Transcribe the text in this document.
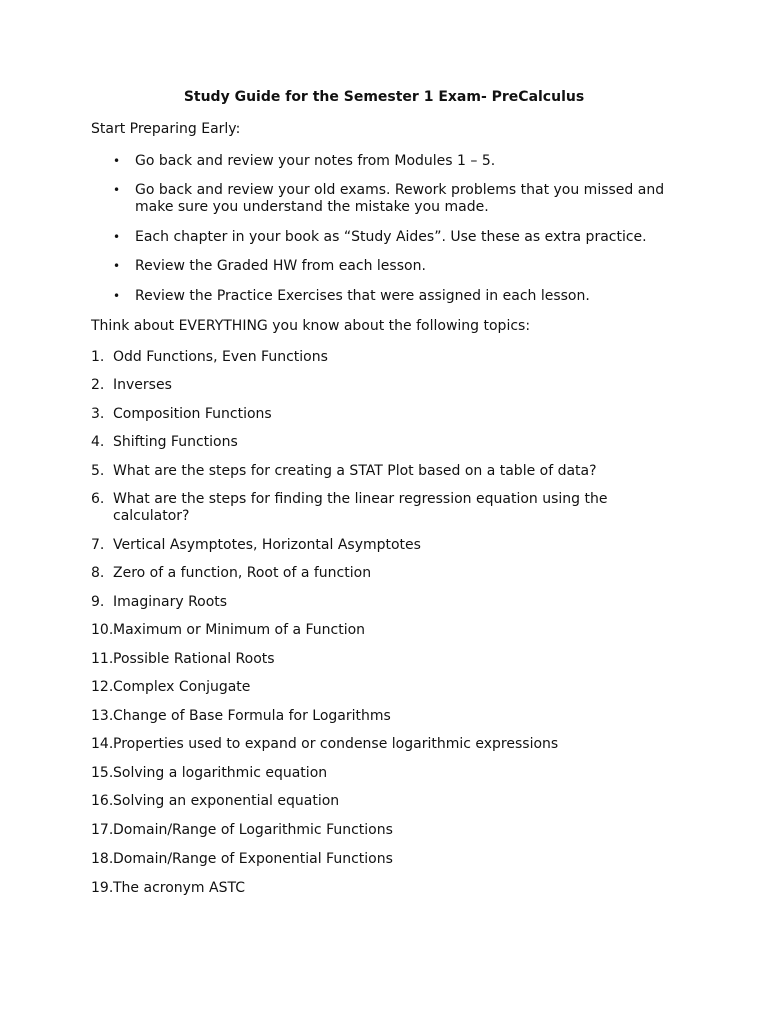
Study Guide for the Semester 1 Exam- PreCalculus
Start Preparing Early:
•	Go back and review your notes from Modules 1 – 5.
•	Go back and review your old exams. Rework problems that you missed and make sure you understand the mistake you made.
•	Each chapter in your book as “Study Aides”. Use these as extra practice.
•	Review the Graded HW from each lesson.
•	Review the Practice Exercises that were assigned in each lesson.
Think about EVERYTHING you know about the following topics:
1. Odd Functions, Even Functions
2. Inverses
3. Composition Functions
4. Shifting Functions
5. What are the steps for creating a STAT Plot based on a table of data?
6. What are the steps for finding the linear regression equation using the calculator?
7. Vertical Asymptotes, Horizontal Asymptotes
8. Zero of a function, Root of a function
9. Imaginary Roots
10. Maximum or Minimum of a Function
11. Possible Rational Roots
12. Complex Conjugate
13. Change of Base Formula for Logarithms
14. Properties used to expand or condense logarithmic expressions
15. Solving a logarithmic equation
16. Solving an exponential equation
17. Domain/Range of Logarithmic Functions
18. Domain/Range of Exponential Functions
19. The acronym ASTC
